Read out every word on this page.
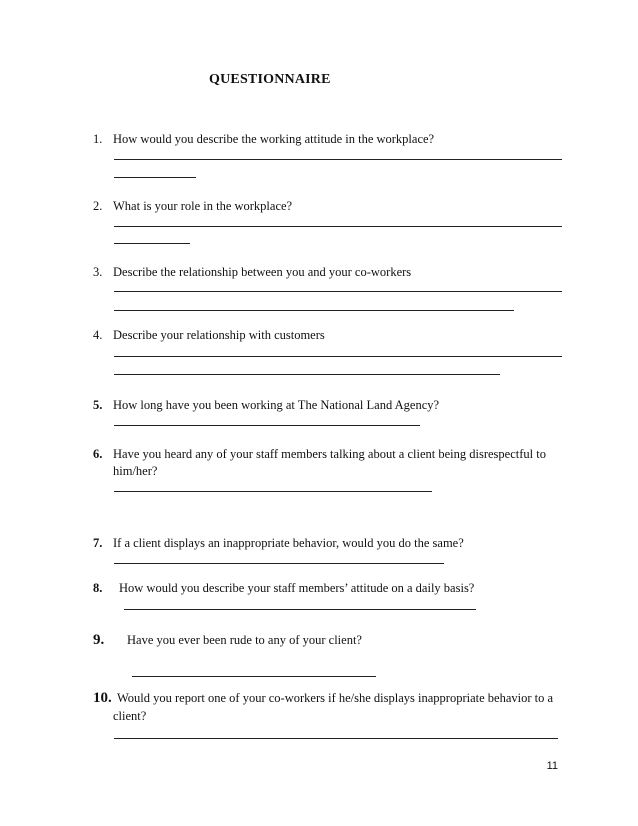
QUESTIONNAIRE
1. How would you describe the working attitude in the workplace?
2. What is your role in the workplace?
3. Describe the relationship between you and your co-workers
4. Describe your relationship with customers
5. How long have you been working at The National Land Agency?
6. Have you heard any of your staff members talking about a client being disrespectful to
him/her?
7. If a client displays an inappropriate behavior, would you do the same?
8. How would you describe your staff members’ attitude on a daily basis?
9. Have you ever been rude to any of your client?
10. Would you report one of your co-workers if he/she displays inappropriate behavior to a
client?
11
